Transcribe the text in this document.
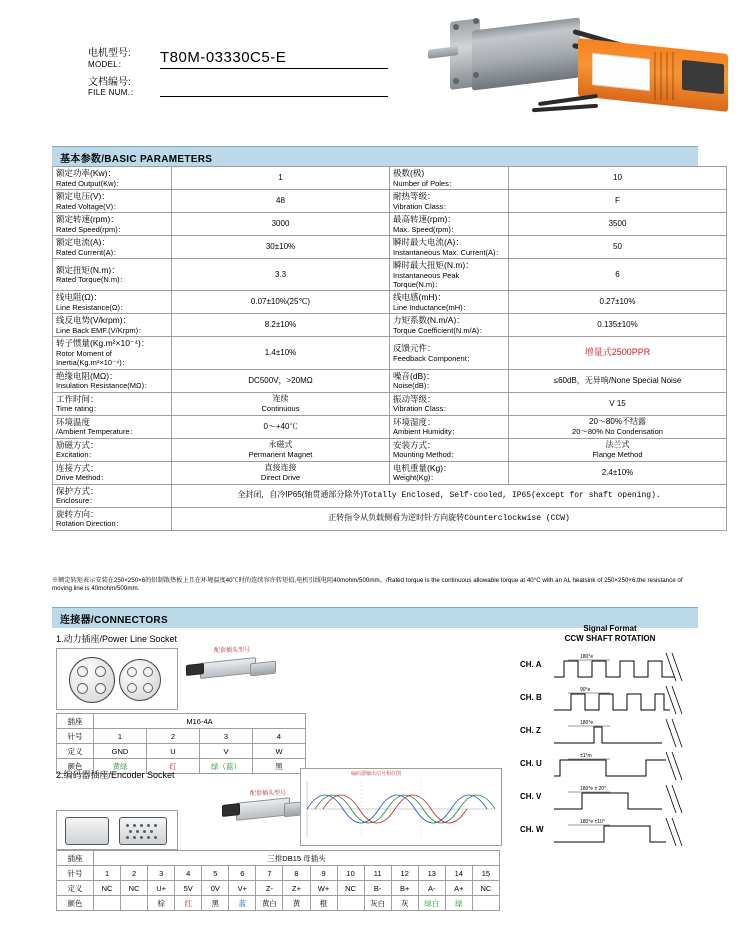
电机型号:
MODEL：	T80M-03330C5-E
文档编号:
FILE NUM.：
基本参数/BASIC PARAMETERS
额定功率(Kw)：
Rated Output(Kw)：	1	极数(极)
Number of Poles：	10

额定电压(V)：
Rated Voltage(V)：	48	耐热等级：
Vibration Class：	F

额定转速(rpm)：
Rated Speed(rpm)：	3000	最高转速(rpm)：
Max. Speed(rpm)：	3500

额定电流(A)：
Rated Current(A)：	30±10%	瞬时最大电流(A)：
Instantaneous Max. Current(A)：	50

额定扭矩(N.m)：
Rated Torque(N.m)：	3.3	瞬时最大扭矩(N.m)：
Instantaneous Peak Torque(N.m)：	6

线电阻(Ω)：
Line Resistance(Ω)：	0.07±10%(25℃)	线电感(mH)：
Line Inductance(mH)：	0.27±10%

线反电势(V/krpm)：
Line Back EMF.(V/Krpm)：	8.2±10%	力矩系数(N.m/A)：
Torque Coefficient(N.m/A)：	0.135±10%

转子惯量(Kg.m²×10⁻⁴)：
Rotor Moment of Inertia(Kg.m²×10⁻⁴)：	1.4±10%	反馈元件：
Feedback Component：	增量式2500PPR

绝缘电阻(MΩ)：
Insulation Resistance(MΩ)：	DC500V，>20MΩ	噪音(dB)：
Noise(dB)：	≤60dB，无异响/None Special Noise

工作时间：
Time rating：	连续
Continuous	振动等级：
Vibration Class：	V 15

环境温度
/Ambient Temperature：	0～+40℃	环境湿度：
Ambient Humidity：	20～80%不结露
20～80% No Condensation

励磁方式：
Excitation：	永磁式
Permanent Magnet	安装方式：
Mounting Method：	法兰式
Flange Method

连接方式：
Drive Method：	直接连接
Direct Drive	电机重量(Kg)：
Weight(Kg)：	2.4±10%

保护方式：
Enclosure：	全封闭，自冷IP65(轴贯通部分除外)Totally Enclosed, Self-cooled, IP65(except for shaft opening).		

旋转方向：
Rotation Direction：	正转指令从负载侧看为逆时针方向旋转Counterclockwise (CCW)		
※额定转矩表示安装在250×250×6的铝制散热板上且在环境温度40℃时的连续容许转矩值,电机引线电阻40mohm/500mm。/Rated torque is the continuous allowable torque at 40°C with an AL heatsink of 250×250×6,the resistance of moving line is 40mohm/500mm.
连接器/CONNECTORS
1.动力插座/Power Line Socket
配套插头型号
插座	M16-4A			
针号	1	2	3	4
定义	GND	U	V	W
颜色	黄绿	红	绿（蓝）	黑
2.编码器插座/Encoder Socket
配套插头型号
编码器输出信号相位图
插座	三排DB15 母插头														
针号	1	2	3	4	5	6	7	8	9	10	11	12	13	14	15
定义	NC	NC	U+	5V	0V	V+	Z-	Z+	W+	NC	B-	B+	A-	A+	NC
颜色			棕	红	黑	蓝	黄白	黄	橙		灰白	灰	绿白	绿	
Signal Format
CCW SHAFT ROTATION
CH. A
180°e
CH. B
90°e
CH. Z
180°e
CH. U
±1°m
CH. V
180°e ± 20°
CH. W
180°e ±10°
